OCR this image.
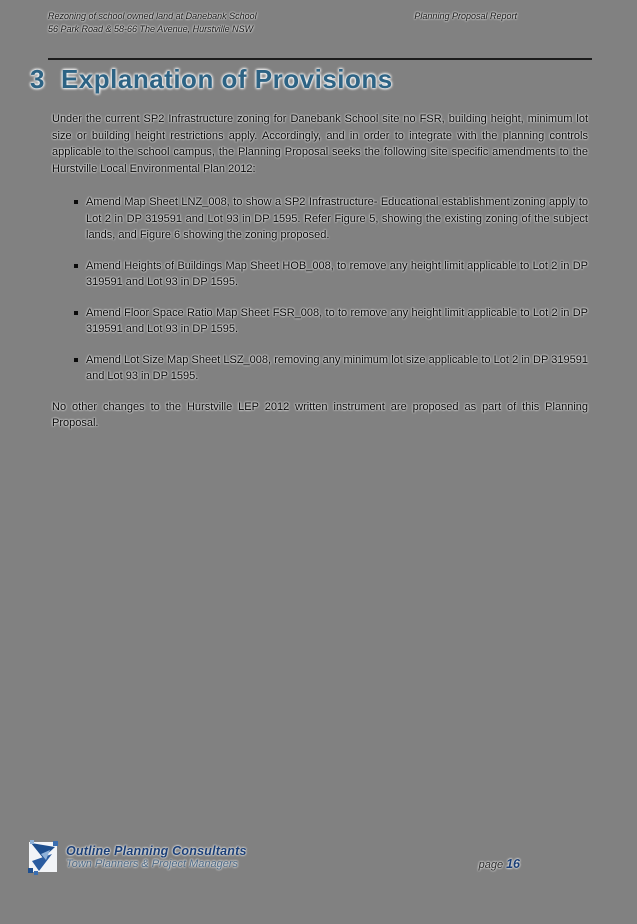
Rezoning of school owned land at Danebank School
56 Park Road & 58-66 The Avenue, Hurstville NSW
Planning Proposal Report
3 Explanation of Provisions

Under the current SP2 Infrastructure zoning for Danebank School site no FSR, building height, minimum lot size or building height restrictions apply. Accordingly, and in order to integrate with the planning controls applicable to the school campus, the Planning Proposal seeks the following site specific amendments to the Hurstville Local Environmental Plan 2012:

Amend Map Sheet LNZ_008, to show a SP2 Infrastructure- Educational establishment zoning apply to Lot 2 in DP 319591 and Lot 93 in DP 1595. Refer Figure 5, showing the existing zoning of the subject lands, and Figure 6 showing the zoning proposed.
Amend Heights of Buildings Map Sheet HOB_008, to remove any height limit applicable to Lot 2 in DP 319591 and Lot 93 in DP 1595.
Amend Floor Space Ratio Map Sheet FSR_008, to to remove any height limit applicable to Lot 2 in DP 319591 and Lot 93 in DP 1595.
Amend Lot Size Map Sheet LSZ_008, removing any minimum lot size applicable to Lot 2 in DP 319591 and Lot 93 in DP 1595.

No other changes to the Hurstville LEP 2012 written instrument are proposed as part of this Planning Proposal.

Outline Planning Consultants
Town Planners & Project Managers	page 16
